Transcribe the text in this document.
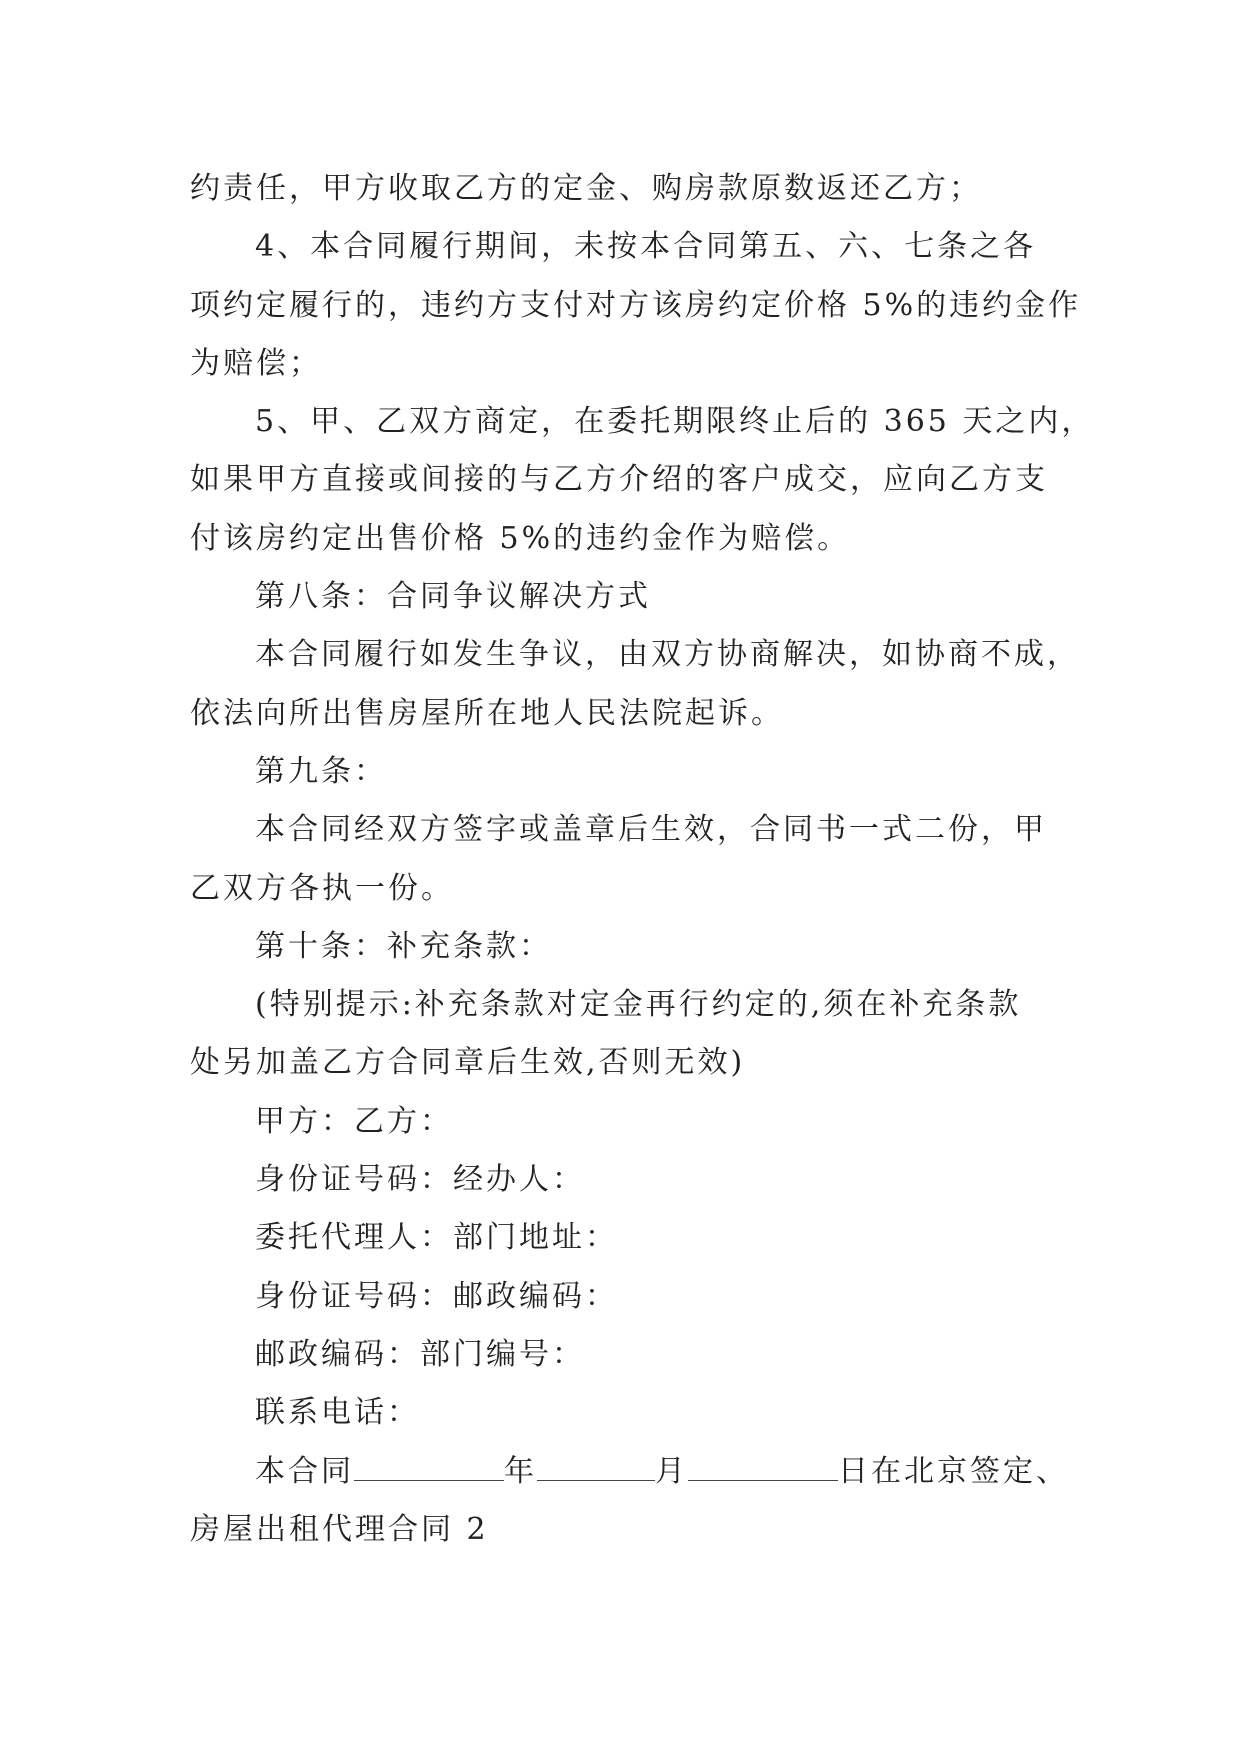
约责任，甲方收取乙方的定金、购房款原数返还乙方；
4、本合同履行期间，未按本合同第五、六、七条之各
项约定履行的，违约方支付对方该房约定价格 5%的违约金作
为赔偿；
5、甲、乙双方商定，在委托期限终止后的 365 天之内，
如果甲方直接或间接的与乙方介绍的客户成交，应向乙方支
付该房约定出售价格 5%的违约金作为赔偿。
第八条：合同争议解决方式
本合同履行如发生争议，由双方协商解决，如协商不成，
依法向所出售房屋所在地人民法院起诉。
第九条：
本合同经双方签字或盖章后生效，合同书一式二份，甲
乙双方各执一份。
第十条：补充条款：
(特别提示:补充条款对定金再行约定的,须在补充条款
处另加盖乙方合同章后生效,否则无效)
甲方：乙方：
身份证号码：经办人：
委托代理人：部门地址：
身份证号码：邮政编码：
邮政编码：部门编号：
联系电话：
本合同	年	月	日在北京签定、
房屋出租代理合同 2
